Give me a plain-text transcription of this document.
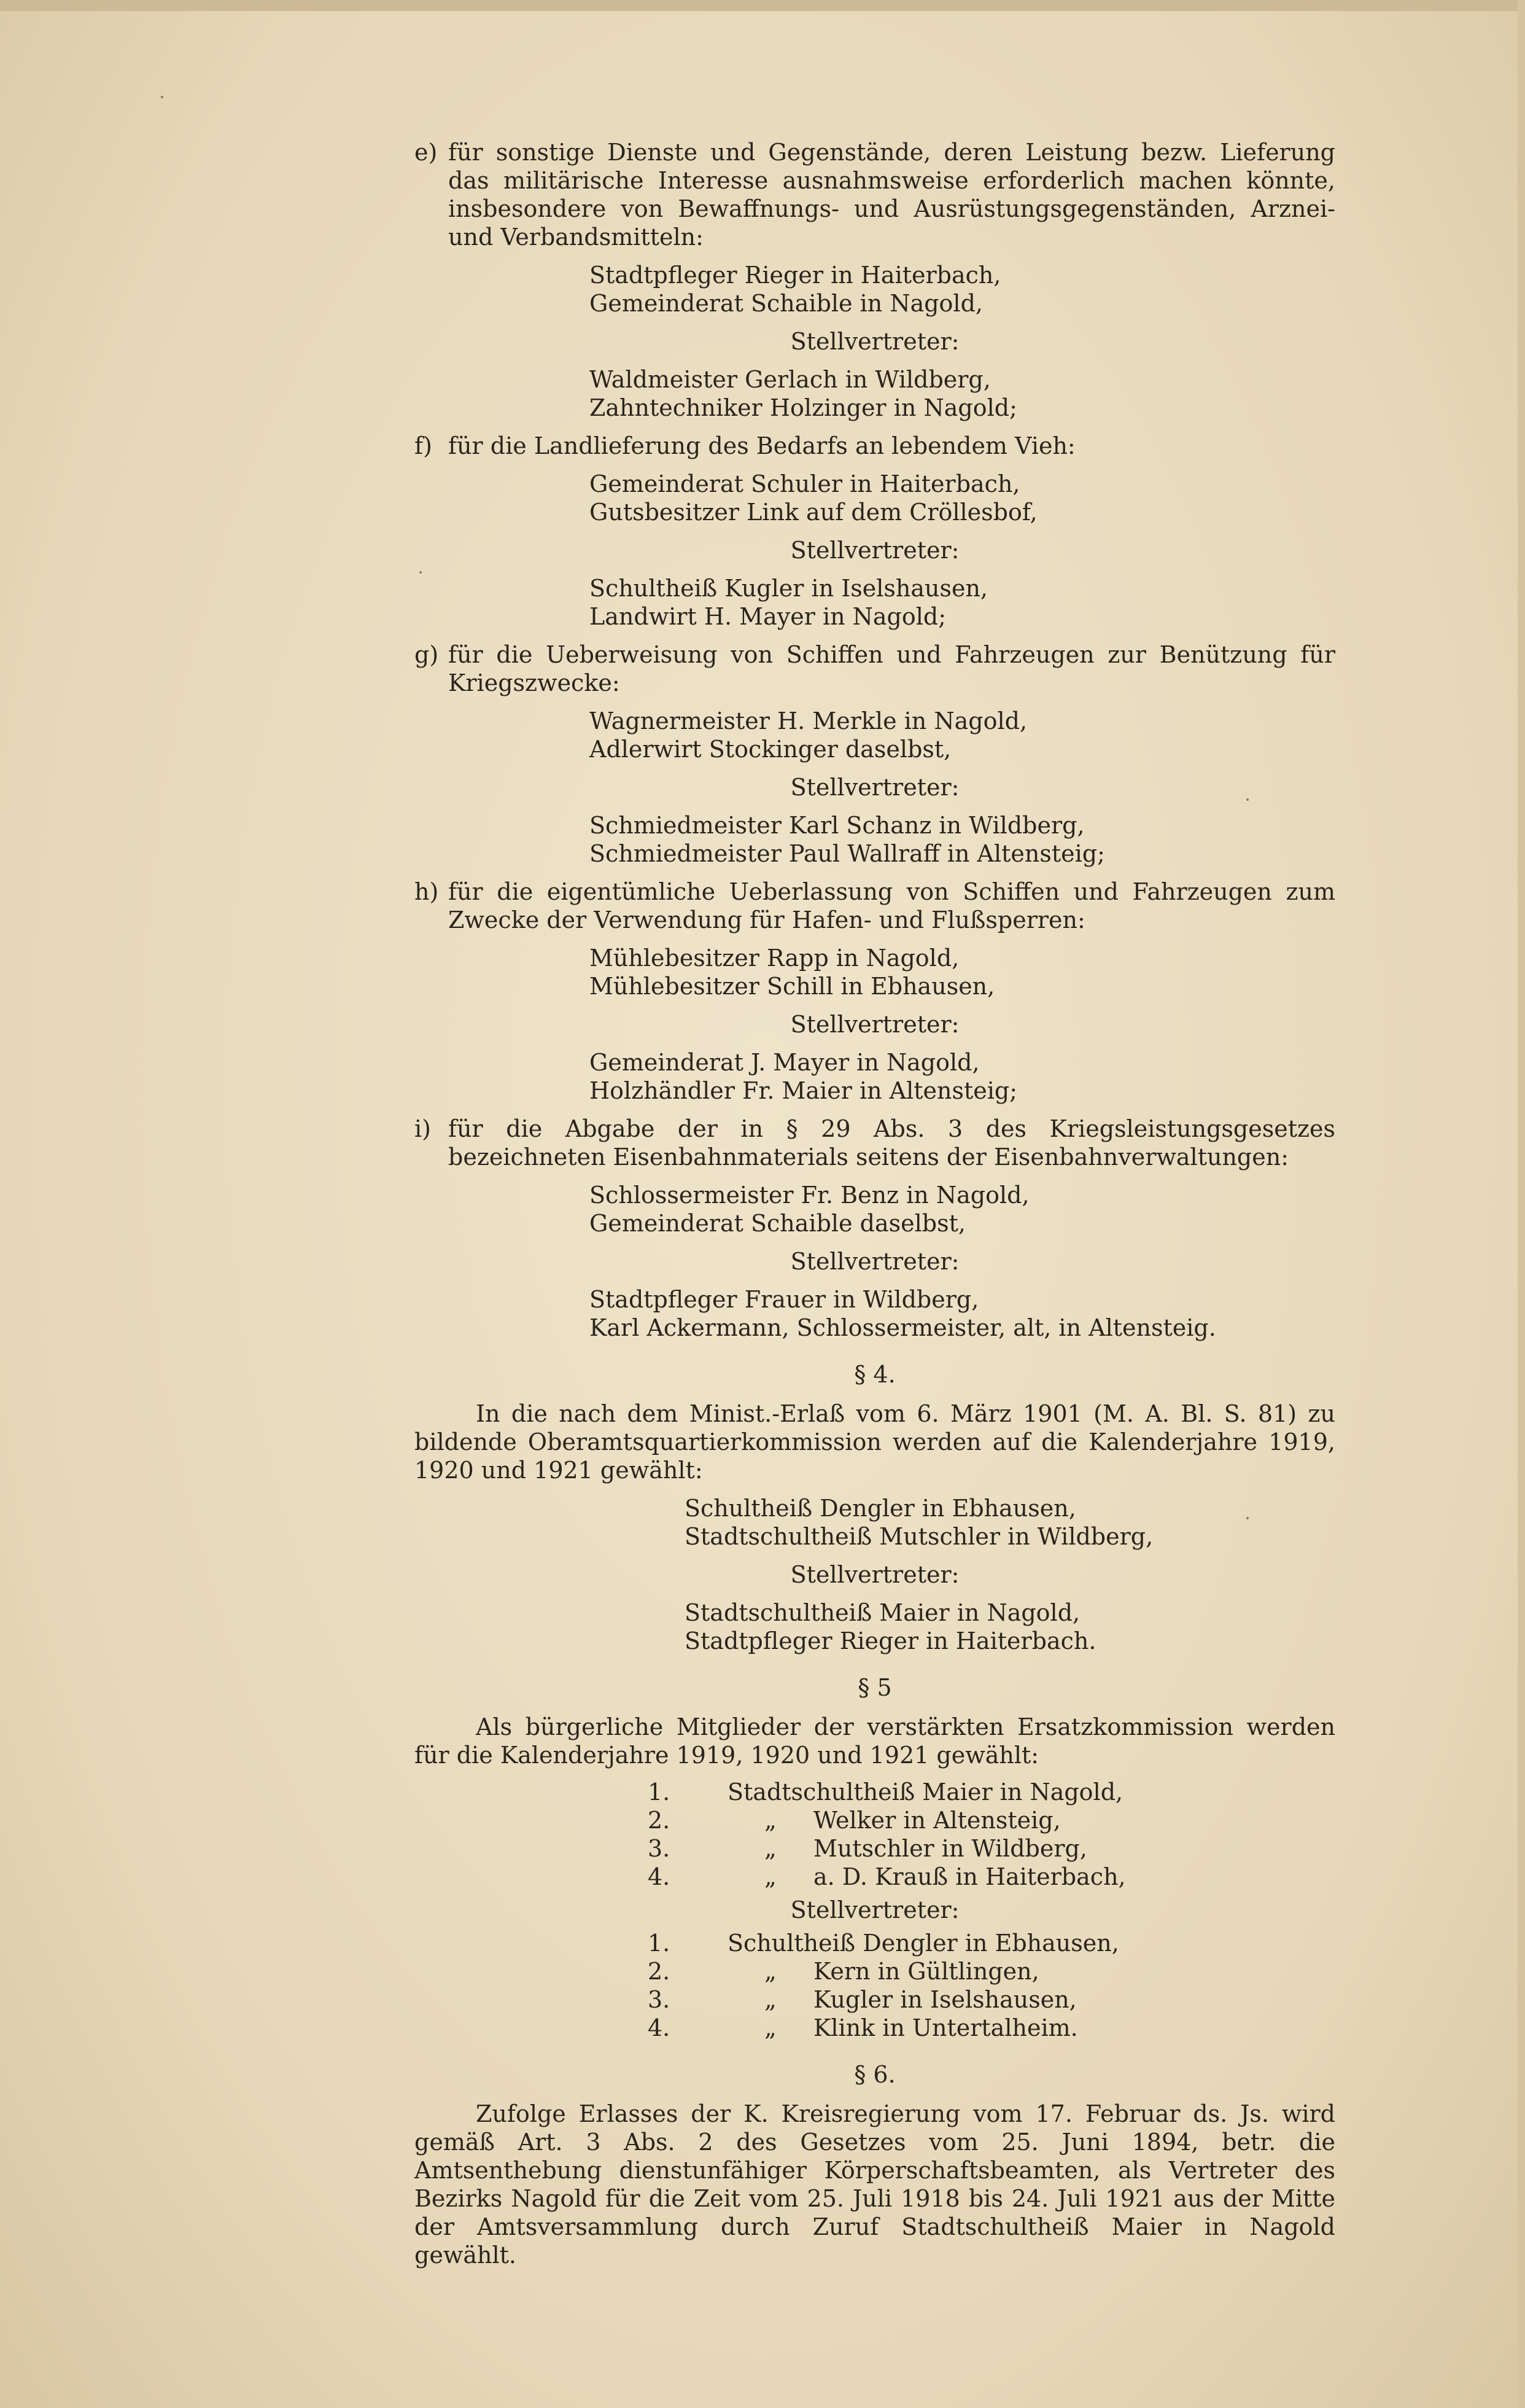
e) für sonstige Dienste und Gegenstände, deren Leistung bezw. Lieferung das militärische Interesse ausnahmsweise erforderlich machen könnte, insbesondere von Bewaffnungs- und Ausrüstungsgegenständen, Arznei- und Verbandsmitteln:
Stadtpfleger Rieger in Haiterbach,
Gemeinderat Schaible in Nagold,
Stellvertreter:
Waldmeister Gerlach in Wildberg,
Zahntechniker Holzinger in Nagold;
f) für die Landlieferung des Bedarfs an lebendem Vieh:
Gemeinderat Schuler in Haiterbach,
Gutsbesitzer Link auf dem Cröllesbof,
Stellvertreter:
Schultheiß Kugler in Iselshausen,
Landwirt H. Mayer in Nagold;
g) für die Ueberweisung von Schiffen und Fahrzeugen zur Benützung für Kriegszwecke:
Wagnermeister H. Merkle in Nagold,
Adlerwirt Stockinger daselbst,
Stellvertreter:
Schmiedmeister Karl Schanz in Wildberg,
Schmiedmeister Paul Wallraff in Altensteig;
h) für die eigentümliche Ueberlassung von Schiffen und Fahrzeugen zum Zwecke der Verwendung für Hafen- und Flußsperren:
Mühlebesitzer Rapp in Nagold,
Mühlebesitzer Schill in Ebhausen,
Stellvertreter:
Gemeinderat J. Mayer in Nagold,
Holzhändler Fr. Maier in Altensteig;
i) für die Abgabe der in § 29 Abs. 3 des Kriegsleistungsgesetzes bezeichneten Eisenbahnmaterials seitens der Eisenbahnverwaltungen:
Schlossermeister Fr. Benz in Nagold,
Gemeinderat Schaible daselbst,
Stellvertreter:
Stadtpfleger Frauer in Wildberg,
Karl Ackermann, Schlossermeister, alt, in Altensteig.
§ 4.
In die nach dem Minist.-Erlaß vom 6. März 1901 (M. A. Bl. S. 81) zu bildende Oberamtsquartierkommission werden auf die Kalenderjahre 1919, 1920 und 1921 gewählt:
Schultheiß Dengler in Ebhausen,
Stadtschultheiß Mutschler in Wildberg,
Stellvertreter:
Stadtschultheiß Maier in Nagold,
Stadtpfleger Rieger in Haiterbach.
§ 5
Als bürgerliche Mitglieder der verstärkten Ersatzkommission werden für die Kalenderjahre 1919, 1920 und 1921 gewählt:
1.	Stadtschultheiß Maier in Nagold,
2.	„	Welker in Altensteig,
3.	„	Mutschler in Wildberg,
4.	„	a. D. Krauß in Haiterbach,
Stellvertreter:
1.	Schultheiß Dengler in Ebhausen,
2.	„	Kern in Gültlingen,
3.	„	Kugler in Iselshausen,
4.	„	Klink in Untertalheim.
§ 6.
Zufolge Erlasses der K. Kreisregierung vom 17. Februar ds. Js. wird gemäß Art. 3 Abs. 2 des Gesetzes vom 25. Juni 1894, betr. die Amtsenthebung dienstunfähiger Körperschaftsbeamten, als Vertreter des Bezirks Nagold für die Zeit vom 25. Juli 1918 bis 24. Juli 1921 aus der Mitte der Amtsversammlung durch Zuruf Stadtschultheiß Maier in Nagold gewählt.
